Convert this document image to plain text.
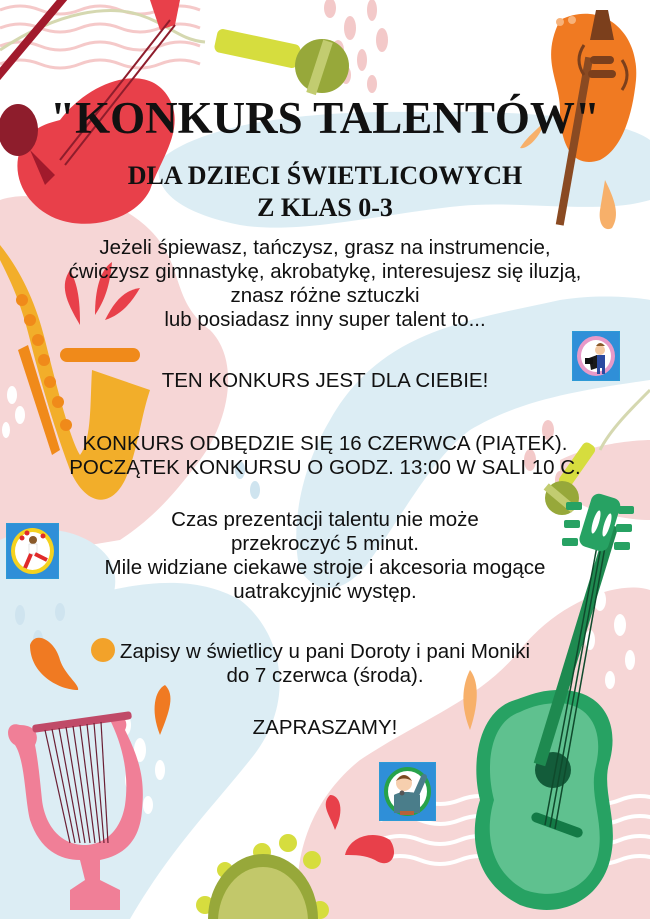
"KONKURS TALENTÓW"
DLA DZIECI ŚWIETLICOWYCH
Z KLAS 0-3
Jeżeli śpiewasz, tańczysz, grasz na instrumencie,
ćwiczysz gimnastykę, akrobatykę, interesujesz się iluzją,
znasz różne sztuczki
lub posiadasz inny super talent to...
TEN KONKURS JEST DLA CIEBIE!
KONKURS ODBĘDZIE SIĘ 16 CZERWCA (PIĄTEK).
POCZĄTEK KONKURSU O GODZ. 13:00 W SALI 10 C.
Czas prezentacji talentu nie może
przekroczyć 5 minut.
Mile widziane ciekawe stroje i akcesoria mogące
uatrakcyjnić występ.
Zapisy w świetlicy u pani Doroty i pani Moniki
do 7 czerwca (środa).
ZAPRASZAMY!
